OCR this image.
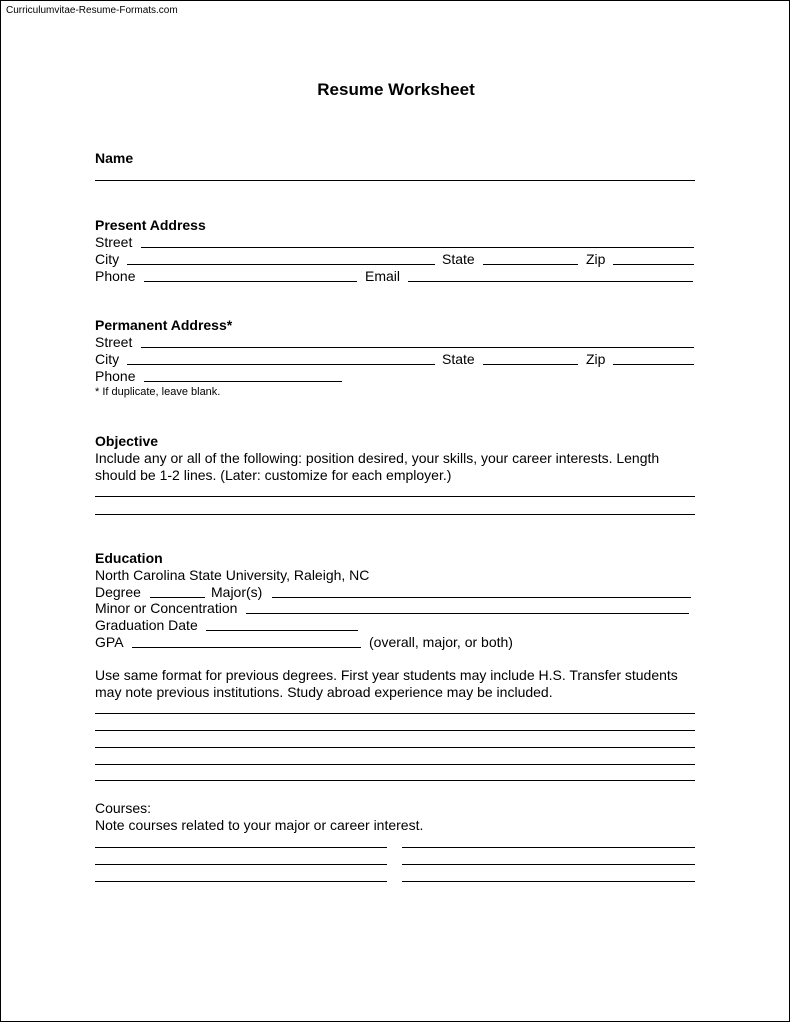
Curriculumvitae-Resume-Formats.com
Resume Worksheet
Name
Present Address
Street
City	State	Zip
Phone	Email
Permanent Address*
Street
City	State	Zip
Phone
* If duplicate, leave blank.
Objective
Include any or all of the following: position desired, your skills, your career interests. Length
should be 1-2 lines. (Later: customize for each employer.)
Education
North Carolina State University, Raleigh, NC
Degree	Major(s)
Minor or Concentration
Graduation Date
GPA	(overall, major, or both)
Use same format for previous degrees. First year students may include H.S. Transfer students
may note previous institutions. Study abroad experience may be included.
Courses:
Note courses related to your major or career interest.
